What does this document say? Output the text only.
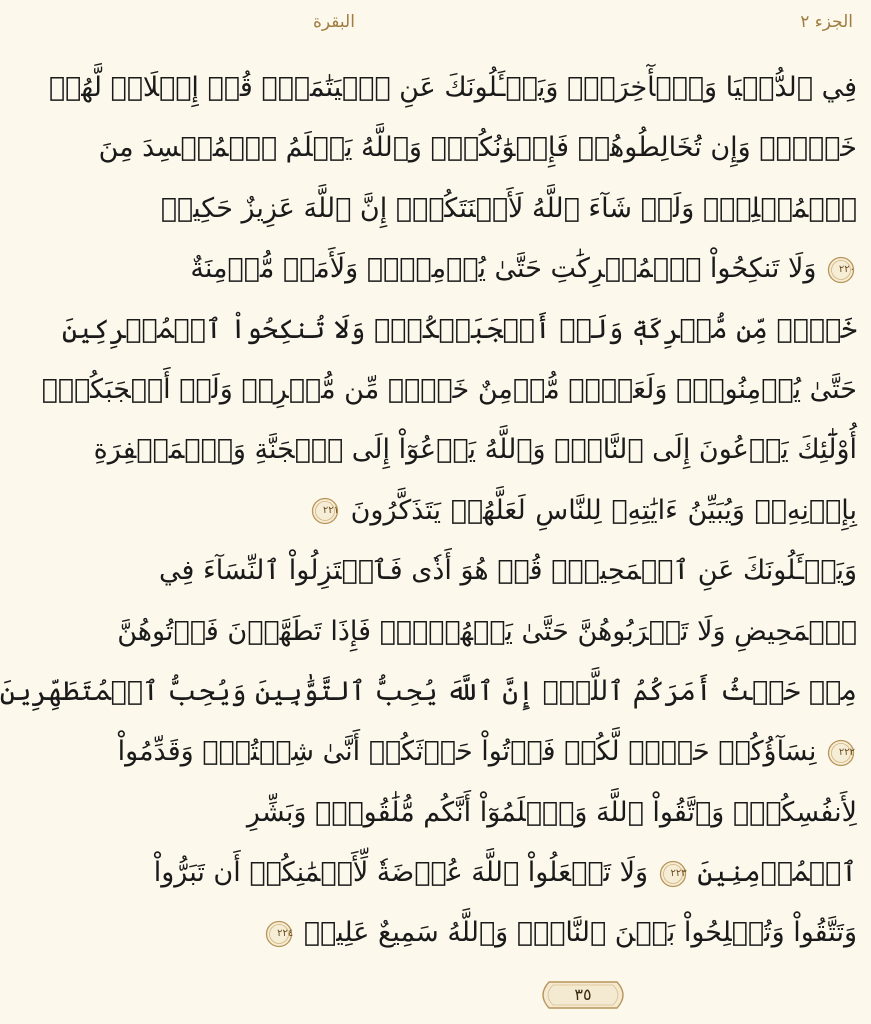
الجزء ٢
البقرة
فِي ٱلدُّنۡيَا وَٱلۡأٓخِرَةِۗ وَيَسۡـَٔلُونَكَ عَنِ ٱلۡيَتَٰمَىٰۖ قُلۡ إِصۡلَاحٞ لَّهُمۡ
خَيۡرٞۖ وَإِن تُخَالِطُوهُمۡ فَإِخۡوَٰنُكُمۡۚ وَٱللَّهُ يَعۡلَمُ ٱلۡمُفۡسِدَ مِنَ
ٱلۡمُصۡلِحِۚ وَلَوۡ شَآءَ ٱللَّهُ لَأَعۡنَتَكُمۡۚ إِنَّ ٱللَّهَ عَزِيزٌ حَكِيمٞ
٢٢٠
وَلَا تَنكِحُواْ ٱلۡمُشۡرِكَٰتِ حَتَّىٰ يُؤۡمِنَّۚ وَلَأَمَةٞ مُّؤۡمِنَةٌ
خَيۡرٞ مِّن مُّشۡرِكَةٖ وَلَوۡ أَعۡجَبَتۡكُمۡۗ وَلَا تُنكِحُواْ ٱلۡمُشۡرِكِينَ
حَتَّىٰ يُؤۡمِنُواْۚ وَلَعَبۡدٞ مُّؤۡمِنٌ خَيۡرٞ مِّن مُّشۡرِكٖ وَلَوۡ أَعۡجَبَكُمۡۗ
أُوْلَٰٓئِكَ يَدۡعُونَ إِلَى ٱلنَّارِۖ وَٱللَّهُ يَدۡعُوٓاْ إِلَى ٱلۡجَنَّةِ وَٱلۡمَغۡفِرَةِ
بِإِذۡنِهِۦۖ وَيُبَيِّنُ ءَايَٰتِهِۦ لِلنَّاسِ لَعَلَّهُمۡ يَتَذَكَّرُونَ
٢٢١
وَيَسۡـَٔلُونَكَ عَنِ ٱلۡمَحِيضِۖ قُلۡ هُوَ أَذٗى فَٱعۡتَزِلُواْ ٱلنِّسَآءَ فِي
ٱلۡمَحِيضِ وَلَا تَقۡرَبُوهُنَّ حَتَّىٰ يَطۡهُرۡنَۖ فَإِذَا تَطَهَّرۡنَ فَأۡتُوهُنَّ
مِنۡ حَيۡثُ أَمَرَكُمُ ٱللَّهُۚ إِنَّ ٱللَّهَ يُحِبُّ ٱلتَّوَّٰبِينَ وَيُحِبُّ ٱلۡمُتَطَهِّرِينَ
٢٢٢
نِسَآؤُكُمۡ حَرۡثٞ لَّكُمۡ فَأۡتُواْ حَرۡثَكُمۡ أَنَّىٰ شِئۡتُمۡۖ وَقَدِّمُواْ
لِأَنفُسِكُمۡۚ وَٱتَّقُواْ ٱللَّهَ وَٱعۡلَمُوٓاْ أَنَّكُم مُّلَٰقُوهُۗ وَبَشِّرِ
ٱلۡمُؤۡمِنِينَ
٢٢٣
وَلَا تَجۡعَلُواْ ٱللَّهَ عُرۡضَةٗ لِّأَيۡمَٰنِكُمۡ أَن تَبَرُّواْ
وَتَتَّقُواْ وَتُصۡلِحُواْ بَيۡنَ ٱلنَّاسِۚ وَٱللَّهُ سَمِيعٌ عَلِيمٞ
٢٢٤
٣٥
